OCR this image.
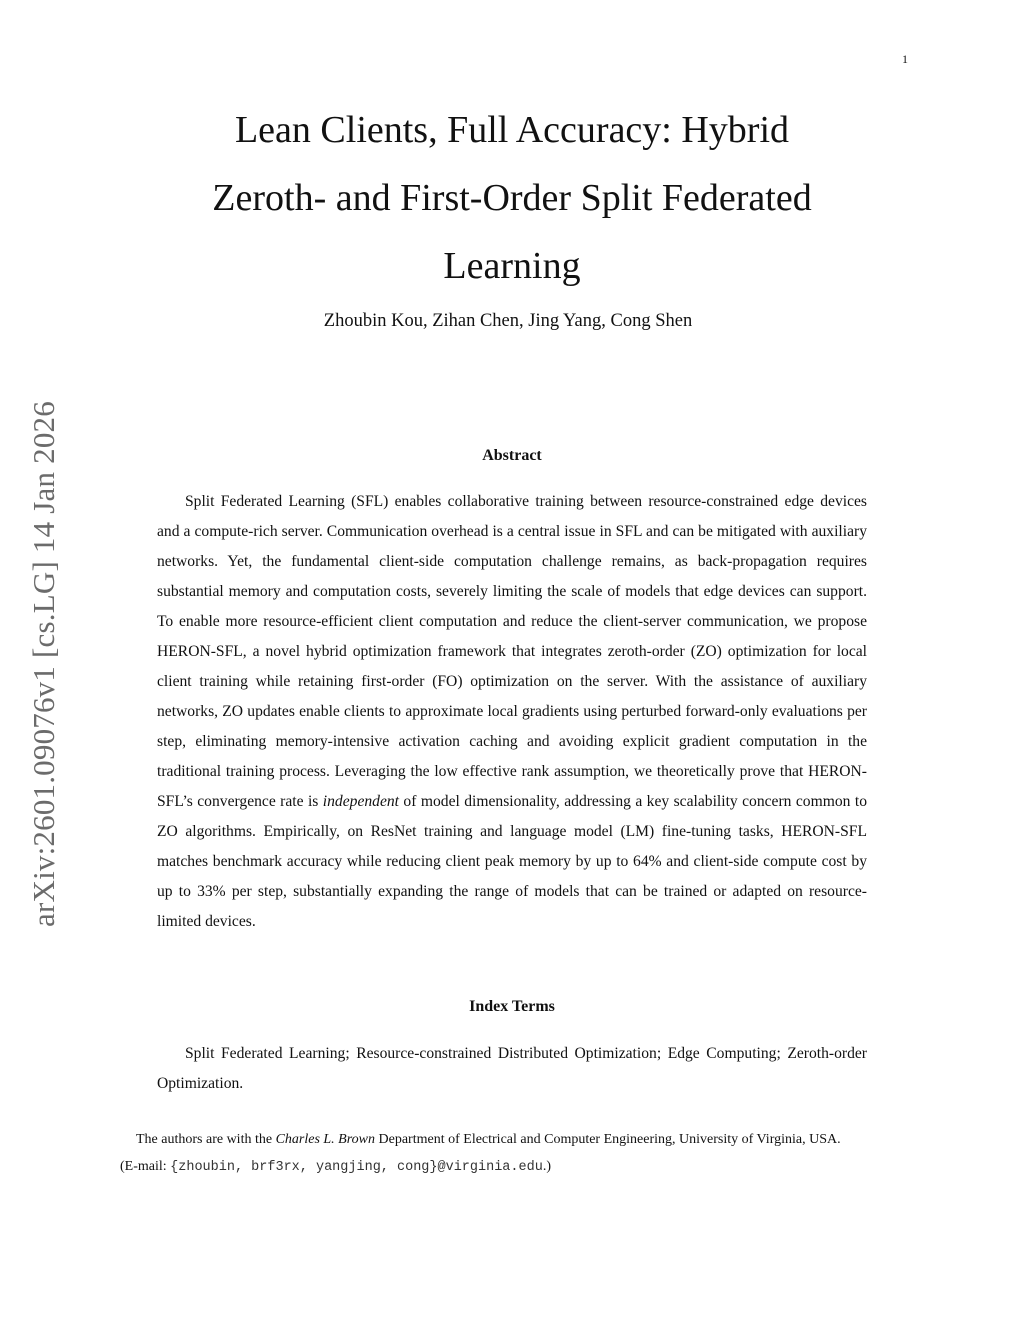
1
Lean Clients, Full Accuracy: Hybrid
Zeroth- and First-Order Split Federated
Learning
Zhoubin Kou, Zihan Chen, Jing Yang, Cong Shen
arXiv:2601.09076v1 [cs.LG] 14 Jan 2026	Abstract

Split Federated Learning (SFL) enables collaborative training between resource-constrained edge devices and a compute-rich server. Communication overhead is a central issue in SFL and can be mitigated with auxiliary networks. Yet, the fundamental client-side computation challenge remains, as back-propagation requires substantial memory and computation costs, severely limiting the scale of models that edge devices can support. To enable more resource-efficient client computation and reduce the client-server communication, we propose HERON-SFL, a novel hybrid optimization framework that integrates zeroth-order (ZO) optimization for local client training while retaining first-order (FO) optimization on the server. With the assistance of auxiliary networks, ZO updates enable clients to approximate local gradients using perturbed forward-only evaluations per step, eliminating memory-intensive activation caching and avoiding explicit gradient computation in the traditional training process. Leveraging the low effective rank assumption, we theoretically prove that HERON-SFL’s convergence rate is independent of model dimensionality, addressing a key scalability concern common to ZO algorithms. Empirically, on ResNet training and language model (LM) fine-tuning tasks, HERON-SFL matches benchmark accuracy while reducing client peak memory by up to 64% and client-side compute cost by up to 33% per step, substantially expanding the range of models that can be trained or adapted on resource-limited devices.

Index Terms

Split Federated Learning; Resource-constrained Distributed Optimization; Edge Computing; Zeroth-order Optimization.

The authors are with the Charles L. Brown Department of Electrical and Computer Engineering, University of Virginia, USA.
(E-mail: {zhoubin, brf3rx, yangjing, cong}@virginia.edu.)
